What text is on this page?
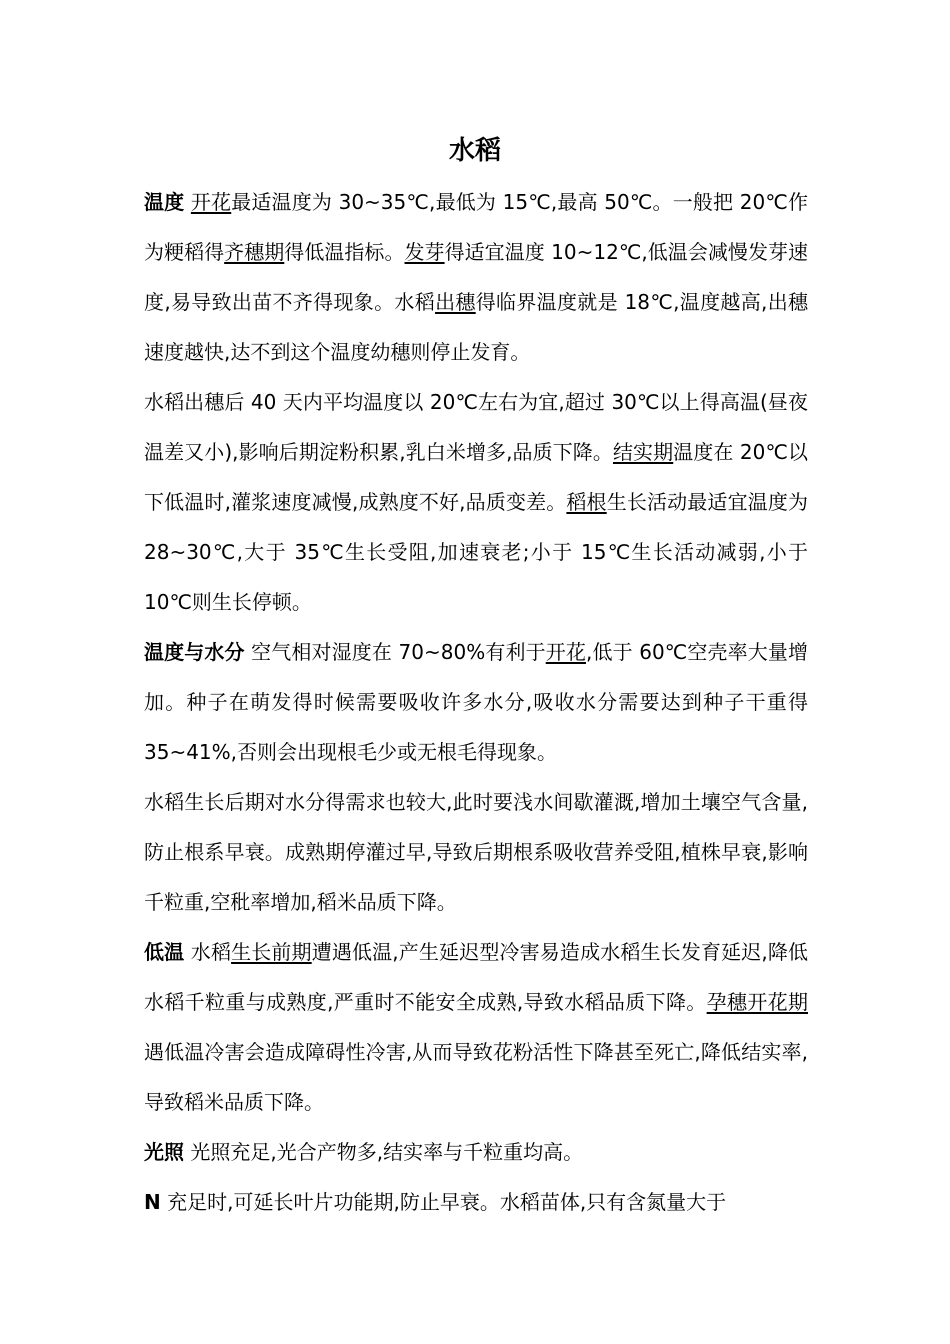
水稻

温度 开花最适温度为 30~35℃,最低为 15℃,最高 50℃。一般把 20℃作为粳稻得齐穗期得低温指标。发芽得适宜温度 10~12℃,低温会减慢发芽速度,易导致出苗不齐得现象。水稻出穗得临界温度就是 18℃,温度越高,出穗速度越快,达不到这个温度幼穗则停止发育。

水稻出穗后 40 天内平均温度以 20℃左右为宜,超过 30℃以上得高温(昼夜温差又小),影响后期淀粉积累,乳白米增多,品质下降。结实期温度在 20℃以下低温时,灌浆速度减慢,成熟度不好,品质变差。稻根生长活动最适宜温度为 28~30℃,大于 35℃生长受阻,加速衰老;小于 15℃生长活动减弱,小于 10℃则生长停顿。

温度与水分 空气相对湿度在 70~80%有利于开花,低于 60℃空壳率大量增加。种子在萌发得时候需要吸收许多水分,吸收水分需要达到种子干重得 35~41%,否则会出现根毛少或无根毛得现象。

水稻生长后期对水分得需求也较大,此时要浅水间歇灌溉,增加土壤空气含量,防止根系早衰。成熟期停灌过早,导致后期根系吸收营养受阻,植株早衰,影响千粒重,空秕率增加,稻米品质下降。

低温 水稻生长前期遭遇低温,产生延迟型冷害易造成水稻生长发育延迟,降低水稻千粒重与成熟度,严重时不能安全成熟,导致水稻品质下降。孕穗开花期遇低温冷害会造成障碍性冷害,从而导致花粉活性下降甚至死亡,降低结实率,导致稻米品质下降。

光照 光照充足,光合产物多,结实率与千粒重均高。

N 充足时,可延长叶片功能期,防止早衰。水稻苗体,只有含氮量大于
